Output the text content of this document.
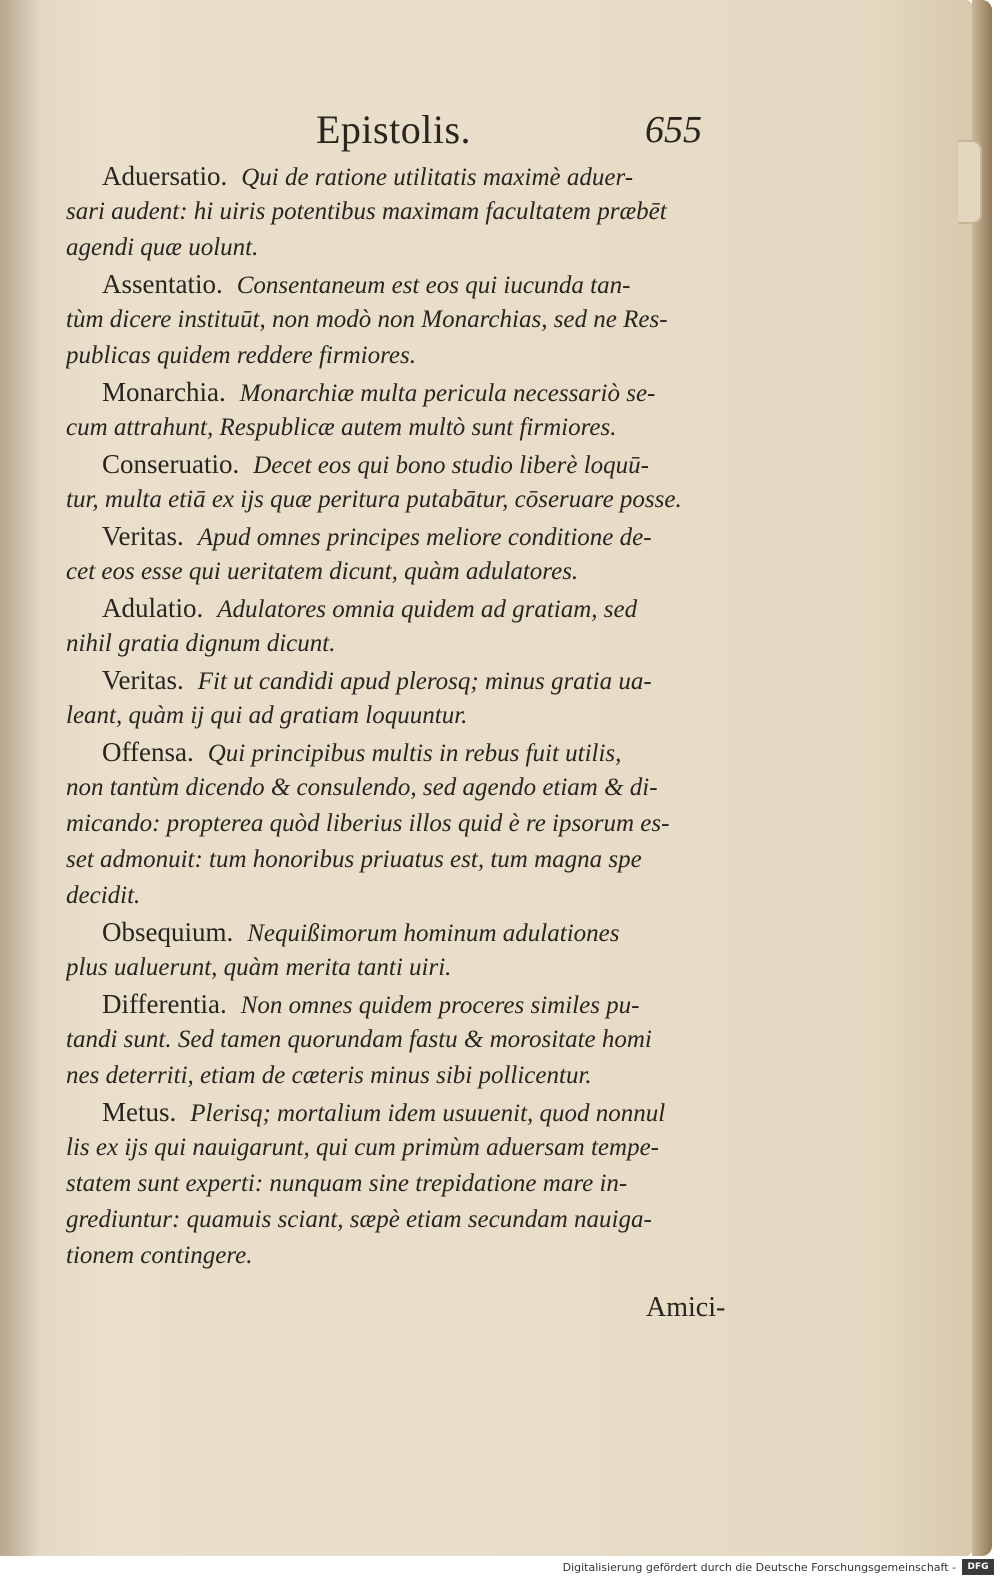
Epistolis.	655
Aduersatio. Qui de ratione utilitatis maximè aduer-
sari audent: hi uiris potentibus maximam facultatem præbēt
agendi quæ uolunt.
Assentatio. Consentaneum est eos qui iucunda tan-
tùm dicere instituūt, non modò non Monarchias, sed ne Res-
publicas quidem reddere firmiores.
Monarchia. Monarchiæ multa pericula necessariò se-
cum attrahunt, Respublicæ autem multò sunt firmiores.
Conseruatio. Decet eos qui bono studio liberè loquū-
tur, multa etiā ex ijs quæ peritura putabātur, cōseruare posse.
Veritas. Apud omnes principes meliore conditione de-
cet eos esse qui ueritatem dicunt, quàm adulatores.
Adulatio. Adulatores omnia quidem ad gratiam, sed
nihil gratia dignum dicunt.
Veritas. Fit ut candidi apud plerosq; minus gratia ua-
leant, quàm ij qui ad gratiam loquuntur.
Offensa. Qui principibus multis in rebus fuit utilis,
non tantùm dicendo & consulendo, sed agendo etiam & di-
micando: propterea quòd liberius illos quid è re ipsorum es-
set admonuit: tum honoribus priuatus est, tum magna spe
decidit.
Obsequium. Nequißimorum hominum adulationes
plus ualuerunt, quàm merita tanti uiri.
Differentia. Non omnes quidem proceres similes pu-
tandi sunt. Sed tamen quorundam fastu & morositate homi
nes deterriti, etiam de cæteris minus sibi pollicentur.
Metus. Plerisq; mortalium idem usuuenit, quod nonnul
lis ex ijs qui nauigarunt, qui cum primùm aduersam tempe-
statem sunt experti: nunquam sine trepidatione mare in-
grediuntur: quamuis sciant, sæpè etiam secundam nauiga-
tionem contingere.
Amici-
Digitalisierung gefördert durch die Deutsche Forschungsgemeinschaft -	DFG
